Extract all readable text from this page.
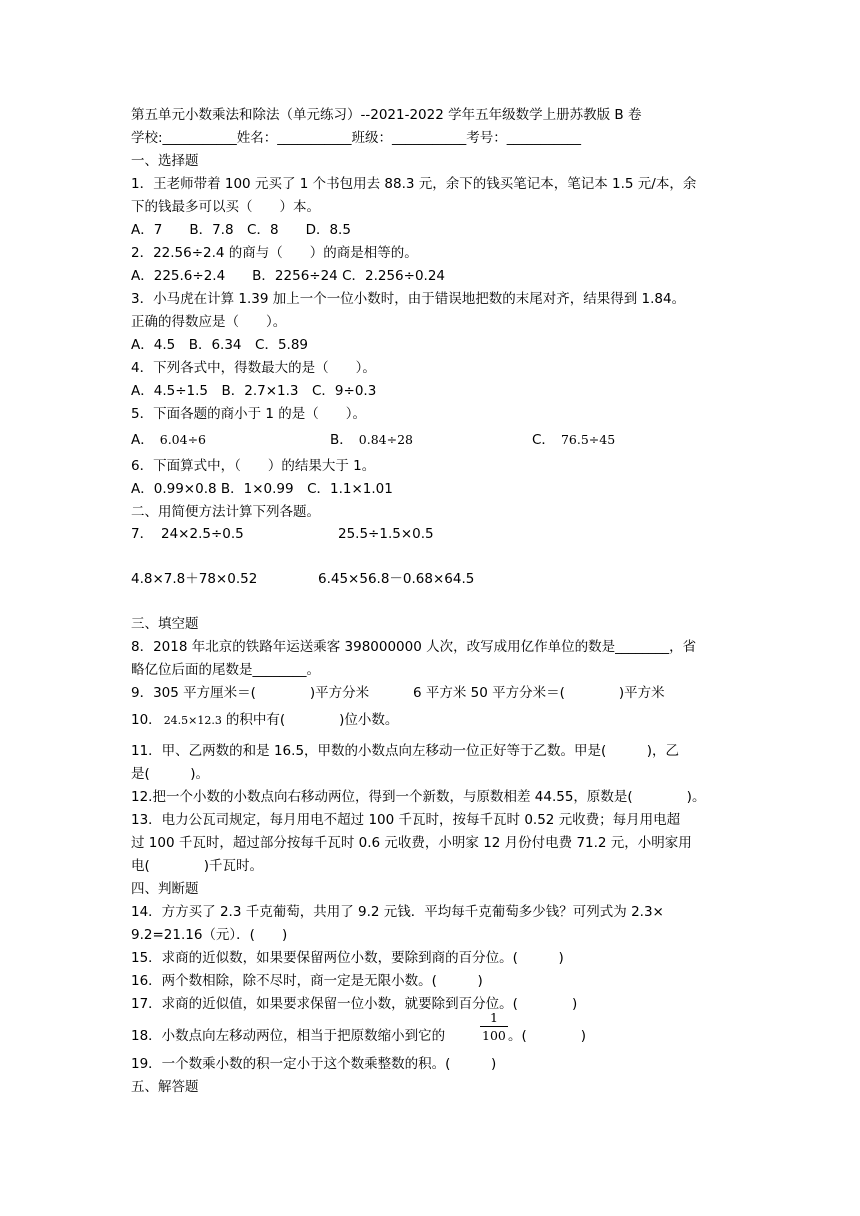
第五单元小数乘法和除法（单元练习）--2021-2022 学年五年级数学上册苏教版 B 卷
学校:___________姓名：___________班级：___________考号：___________
一、选择题
1．王老师带着 100 元买了 1 个书包用去 88.3 元，余下的钱买笔记本，笔记本 1.5 元/本，余
下的钱最多可以买（　　）本。
A．7　　B．7.8　C．8　　D．8.5
2．22.56÷2.4 的商与（　　）的商是相等的。
A．225.6÷2.4　　B．2256÷24 C．2.256÷0.24
3．小马虎在计算 1.39 加上一个一位小数时，由于错误地把数的末尾对齐，结果得到 1.84。
正确的得数应是（　　）。
A．4.5　B．6.34　C．5.89
4．下列各式中，得数最大的是（　　）。
A．4.5÷1.5　B．2.7×1.3　C．9÷0.3
5．下面各题的商小于 1 的是（　　）。
A． 6.04÷6	B． 0.84÷28	C． 76.5÷45
6．下面算式中，（　　）的结果大于 1。
A．0.99×0.8 B．1×0.99　C．1.1×1.01
二、用简便方法计算下列各题。
7． 24×2.5÷0.5	25.5÷1.5×0.5
4.8×7.8＋78×0.52	6.45×56.8－0.68×64.5
三、填空题
8．2018 年北京的铁路年运送乘客 398000000 人次，改写成用亿作单位的数是________，省
略亿位后面的尾数是________。
9．305 平方厘米＝(　　　　)平方分米	6 平方米 50 平方分米＝(　　　　)平方米
10． 24.5×12.3 的积中有(　　　　)位小数。
11．甲、乙两数的和是 16.5，甲数的小数点向左移动一位正好等于乙数。甲是(　　　)，乙
是(　　　)。
12.把一个小数的小数点向右移动两位，得到一个新数，与原数相差 44.55，原数是(　　　　)。
13．电力公瓦司规定，每月用电不超过 100 千瓦时，按每千瓦时 0.52 元收费；每月用电超
过 100 千瓦时，超过部分按每千瓦时 0.6 元收费，小明家 12 月份付电费 71.2 元，小明家用
电(　　　　)千瓦时。
四、判断题
14．方方买了 2.3 千克葡萄，共用了 9.2 元钱．平均每千克葡萄多少钱？可列式为 2.3×
9.2=21.16（元）．(　　)
15．求商的近似数，如果要保留两位小数，要除到商的百分位。(　　　)
16．两个数相除，除不尽时，商一定是无限小数。(　　　)
17．求商的近似值，如果要求保留一位小数，就要除到百分位。(　　　　)
18．小数点向左移动两位，相当于把原数缩小到它的	$\frac{1}{100}$ 。(　　　　)
19．一个数乘小数的积一定小于这个数乘整数的积。(　　　)
五、解答题
